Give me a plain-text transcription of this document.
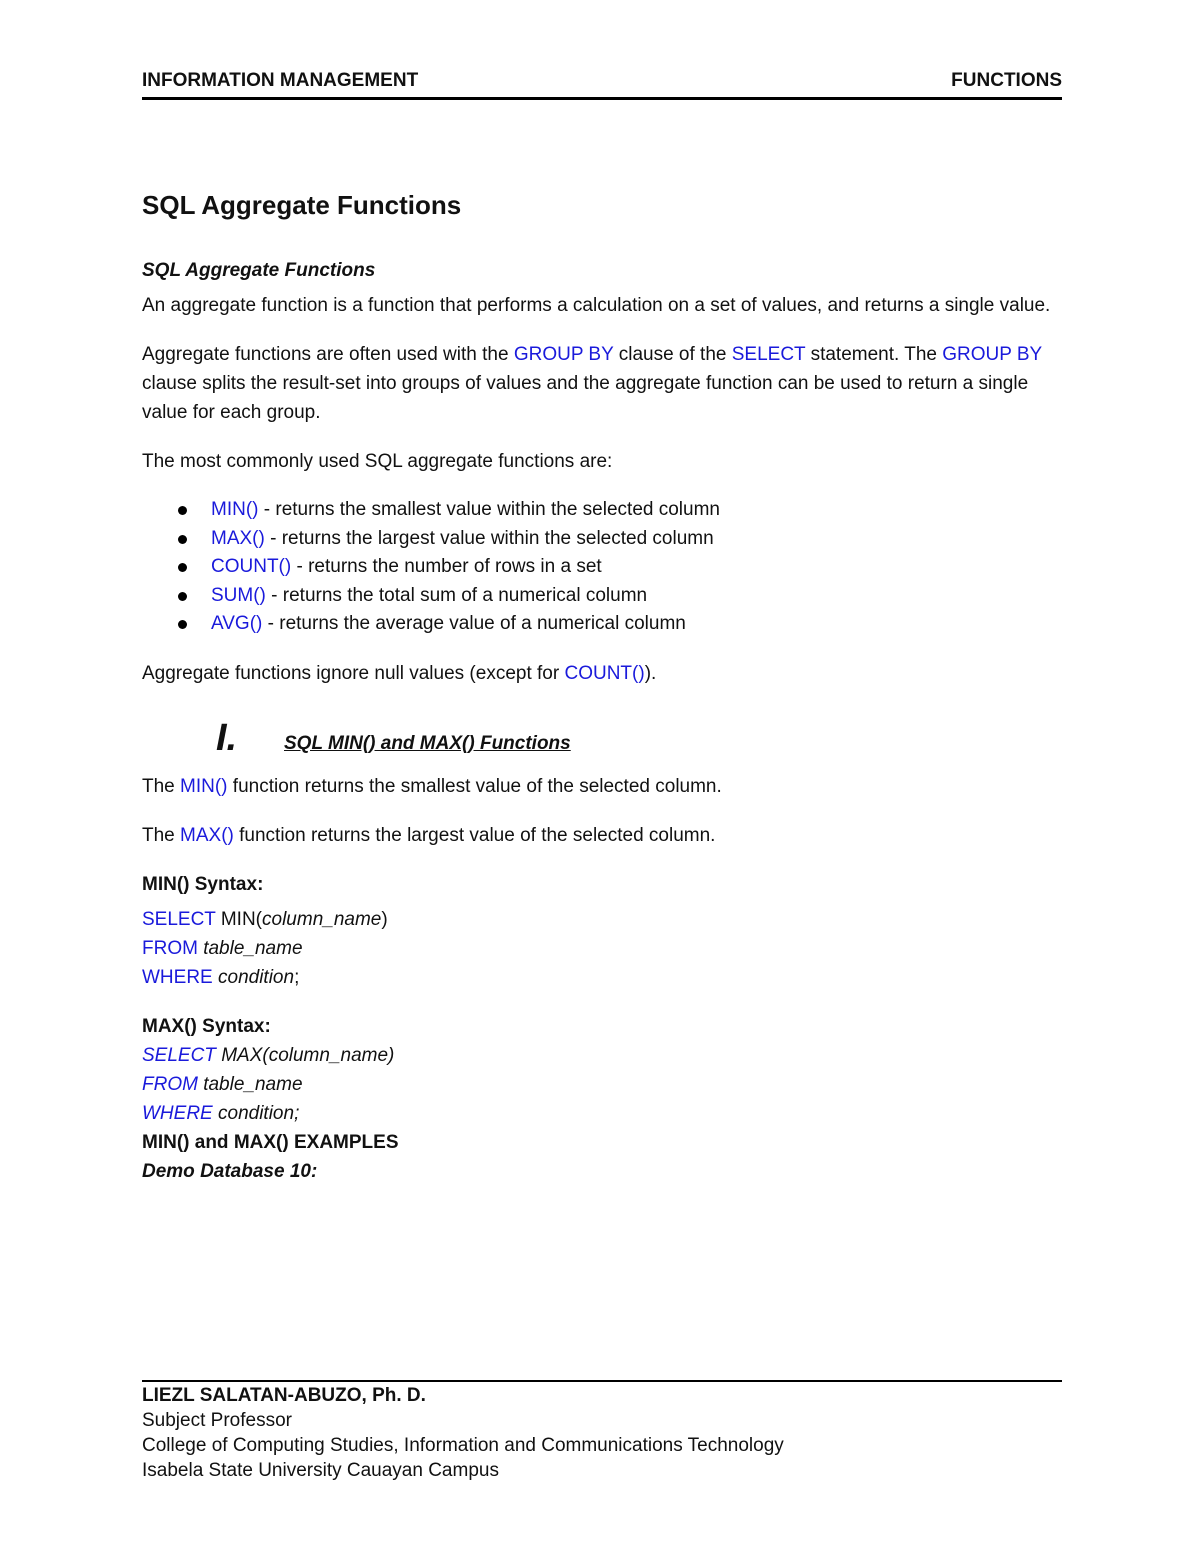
INFORMATION MANAGEMENT	FUNCTIONS
SQL Aggregate Functions

SQL Aggregate Functions

An aggregate function is a function that performs a calculation on a set of values, and returns a single value.

Aggregate functions are often used with the GROUP BY clause of the SELECT statement. The GROUP BY clause splits the result-set into groups of values and the aggregate function can be used to return a single value for each group.

The most commonly used SQL aggregate functions are:

MIN() - returns the smallest value within the selected column
MAX() - returns the largest value within the selected column
COUNT() - returns the number of rows in a set
SUM() - returns the total sum of a numerical column
AVG() - returns the average value of a numerical column

Aggregate functions ignore null values (except for COUNT()).

I. SQL MIN() and MAX() Functions

The MIN() function returns the smallest value of the selected column.

The MAX() function returns the largest value of the selected column.

MIN() Syntax:

SELECT MIN(column_name)
FROM table_name
WHERE condition;

MAX() Syntax:

SELECT MAX(column_name)
FROM table_name
WHERE condition;

MIN() and MAX() EXAMPLES

Demo Database 10:

LIEZL SALATAN-ABUZO, Ph. D.
Subject Professor
College of Computing Studies, Information and Communications Technology
Isabela State University Cauayan Campus
